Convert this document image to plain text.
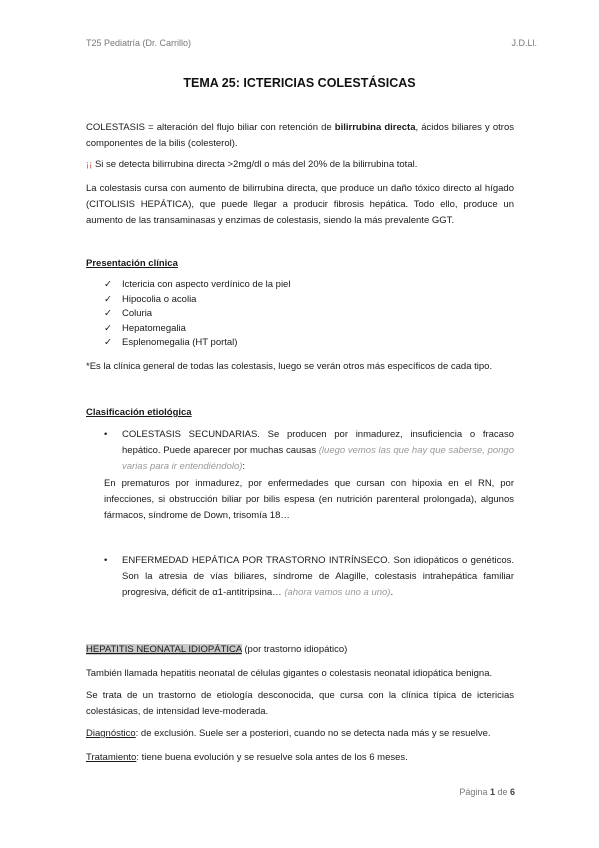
T25 Pediatría (Dr. Carrillo)	J.D.Ll.
TEMA 25: ICTERICIAS COLESTÁSICAS
COLESTASIS = alteración del flujo biliar con retención de bilirrubina directa, ácidos biliares y otros componentes de la bilis (colesterol).
¡¡ Si se detecta bilirrubina directa >2mg/dl o más del 20% de la bilirrubina total.
La colestasis cursa con aumento de bilirrubina directa, que produce un daño tóxico directo al hígado (CITOLISIS HEPÁTICA), que puede llegar a producir fibrosis hepática. Todo ello, produce un aumento de las transaminasas y enzimas de colestasis, siendo la más prevalente GGT.
Presentación clínica
✓	Ictericia con aspecto verdínico de la piel
✓	Hipocolia o acolia
✓	Coluria
✓	Hepatomegalia
✓	Esplenomegalia (HT portal)
*Es la clínica general de todas las colestasis, luego se verán otros más específicos de cada tipo.
Clasificación etiológica
• COLESTASIS SECUNDARIAS. Se producen por inmadurez, insuficiencia o fracaso hepático. Puede aparecer por muchas causas (luego vemos las que hay que saberse, pongo varias para ir entendiéndolo):
En prematuros por inmadurez, por enfermedades que cursan con hipoxia en el RN, por infecciones, si obstrucción biliar por bilis espesa (en nutrición parenteral prolongada), algunos fármacos, síndrome de Down, trisomía 18…
• ENFERMEDAD HEPÁTICA POR TRASTORNO INTRÍNSECO. Son idiopáticos o genéticos. Son la atresia de vías biliares, síndrome de Alagille, colestasis intrahepática familiar progresiva, déficit de α1-antitripsina… (ahora vamos uno a uno).
HEPATITIS NEONATAL IDIOPÁTICA (por trastorno idiopático)
También llamada hepatitis neonatal de células gigantes o colestasis neonatal idiopática benigna.
Se trata de un trastorno de etiología desconocida, que cursa con la clínica típica de ictericias colestásicas, de intensidad leve-moderada.
Diagnóstico: de exclusión. Suele ser a posteriori, cuando no se detecta nada más y se resuelve.
Tratamiento: tiene buena evolución y se resuelve sola antes de los 6 meses.
Página 1 de 6
